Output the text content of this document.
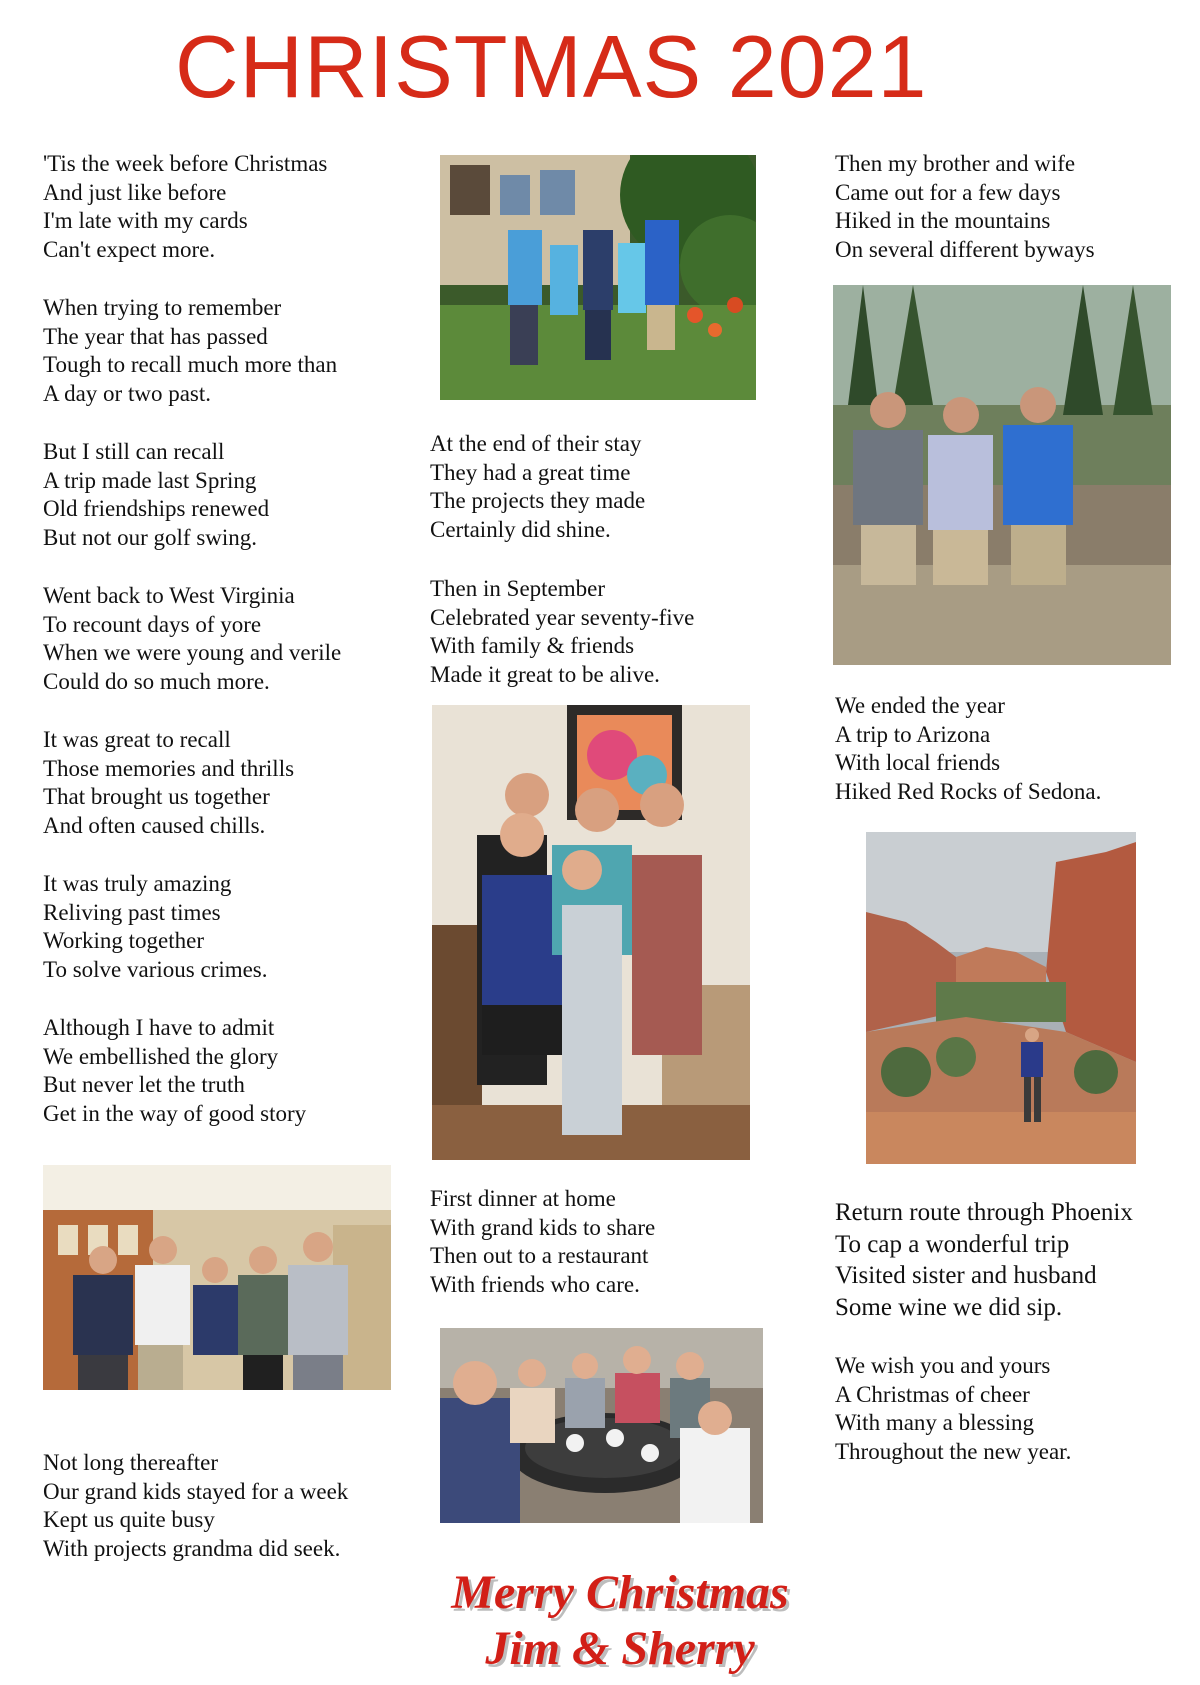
CHRISTMAS 2021
'Tis the week before Christmas
And just like before
I'm late with my cards
Can't expect more.
When trying to remember
The year that has passed
Tough to recall much more than
A day or two past.
But I still can recall
A trip made last Spring
Old friendships renewed
But not our golf swing.
Went back to West Virginia
To recount days of yore
When we were young and verile
Could do so much more.
It was great to recall
Those memories and thrills
That brought us together
And often caused chills.
It was truly amazing
Reliving past times
Working together
To solve various crimes.
Although I have to admit
We embellished the glory
But never let the truth
Get in the way of good story
Not long thereafter
Our grand kids stayed for a week
Kept us quite busy
With projects grandma did seek.
At the end of their stay
They had a great time
The projects they made
Certainly did shine.
Then in September
Celebrated year seventy-five
With family & friends
Made it great to be alive.
First dinner at home
With grand kids to share
Then out to a restaurant
With friends who care.
Then my brother and wife
Came out for a few days
Hiked in the mountains
On several different byways
We ended the year
A trip to Arizona
With local friends
Hiked Red Rocks of Sedona.
Return route through Phoenix
To cap a wonderful trip
Visited sister and husband
Some wine we did sip.
We wish you and yours
A Christmas of cheer
With many a blessing
Throughout the new year.
Merry Christmas
Jim & Sherry
